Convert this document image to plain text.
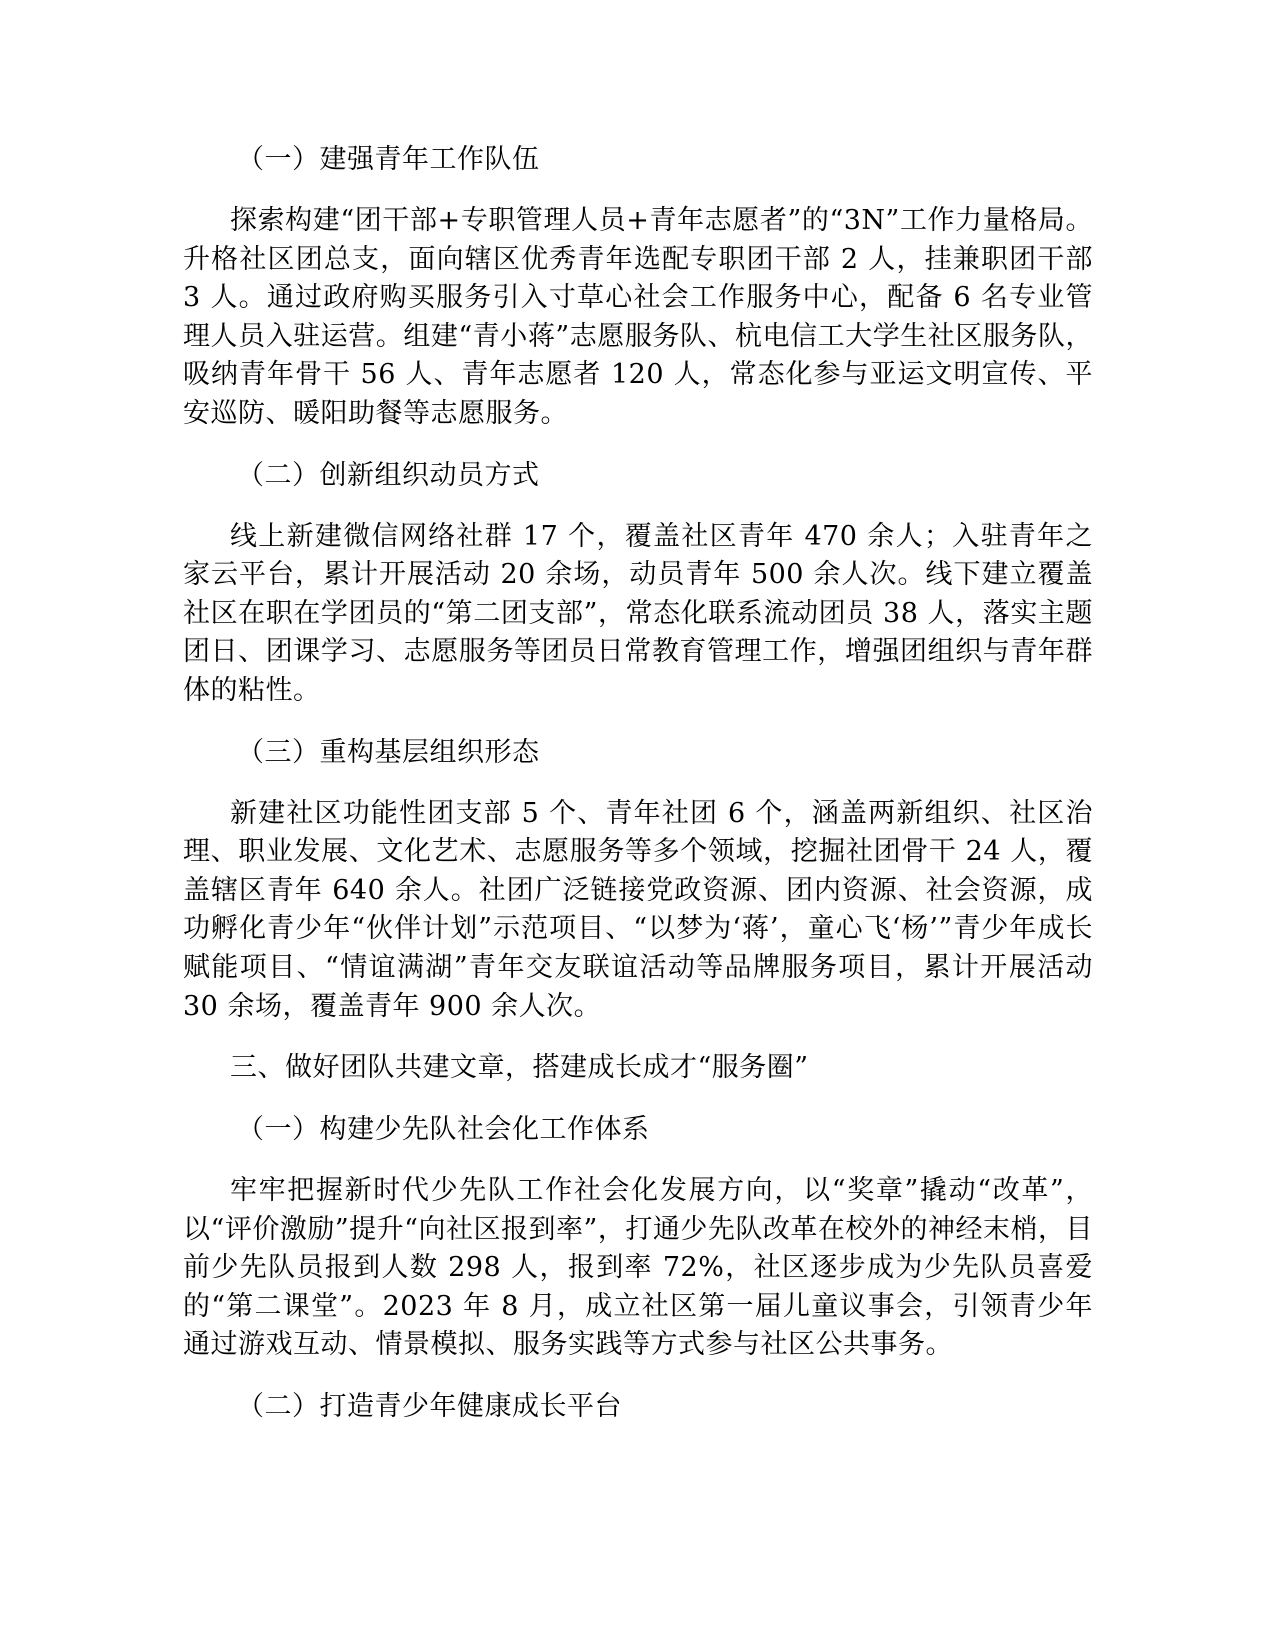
（一）建强青年工作队伍

探索构建“团干部+专职管理人员+青年志愿者”的“3N”工作力量格局。升格社区团总支，面向辖区优秀青年选配专职团干部 2 人，挂兼职团干部 3 人。通过政府购买服务引入寸草心社会工作服务中心，配备 6 名专业管理人员入驻运营。组建“青小蒋”志愿服务队、杭电信工大学生社区服务队，吸纳青年骨干 56 人、青年志愿者 120 人，常态化参与亚运文明宣传、平安巡防、暖阳助餐等志愿服务。

（二）创新组织动员方式

线上新建微信网络社群 17 个，覆盖社区青年 470 余人；入驻青年之家云平台，累计开展活动 20 余场，动员青年 500 余人次。线下建立覆盖社区在职在学团员的“第二团支部”，常态化联系流动团员 38 人，落实主题团日、团课学习、志愿服务等团员日常教育管理工作，增强团组织与青年群体的粘性。

（三）重构基层组织形态

新建社区功能性团支部 5 个、青年社团 6 个，涵盖两新组织、社区治理、职业发展、文化艺术、志愿服务等多个领域，挖掘社团骨干 24 人，覆盖辖区青年 640 余人。社团广泛链接党政资源、团内资源、社会资源，成功孵化青少年“伙伴计划”示范项目、“以梦为‘蒋’，童心飞‘杨’”青少年成长赋能项目、“情谊满湖”青年交友联谊活动等品牌服务项目，累计开展活动 30 余场，覆盖青年 900 余人次。

三、做好团队共建文章，搭建成长成才“服务圈”
（一）构建少先队社会化工作体系

牢牢把握新时代少先队工作社会化发展方向，以“奖章”撬动“改革”，以“评价激励”提升“向社区报到率”，打通少先队改革在校外的神经末梢，目前少先队员报到人数 298 人，报到率 72%，社区逐步成为少先队员喜爱的“第二课堂”。2023 年 8 月，成立社区第一届儿童议事会，引领青少年通过游戏互动、情景模拟、服务实践等方式参与社区公共事务。

（二）打造青少年健康成长平台
